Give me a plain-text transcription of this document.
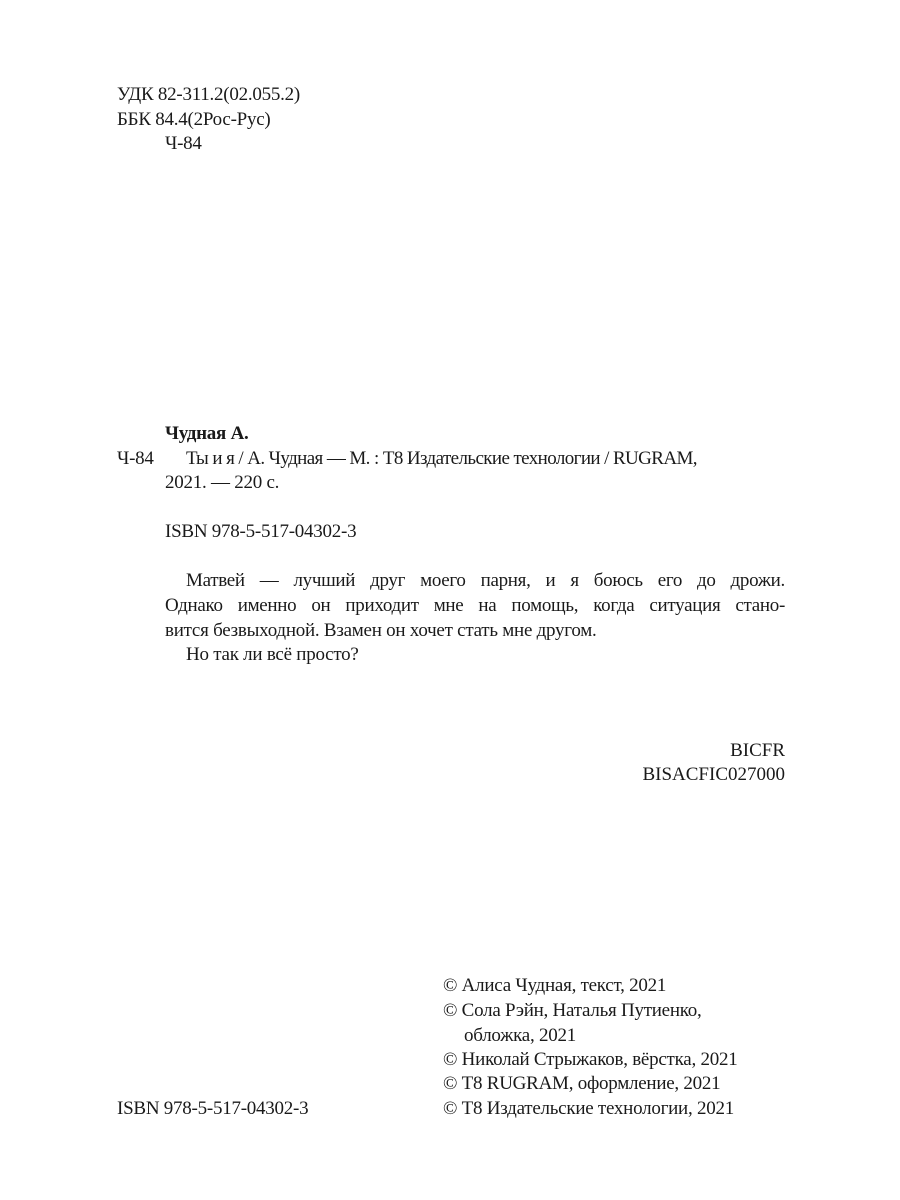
УДК 82-311.2(02.055.2)
ББК 84.4(2Рос-Рус)
Ч-84
Чудная А.
Ч-84 Ты и я / А. Чудная — М. : Т8 Издательские технологии / RUGRAM,
2021. — 220 с.
ISBN 978-5-517-04302-3
Матвей — лучший друг моего парня, и я боюсь его до дрожи.
Однако именно он приходит мне на помощь, когда ситуация стано-
вится безвыходной. Взамен он хочет стать мне другом.
Но так ли всё просто?
BICFR
BISACFIC027000
© Алиса Чудная, текст, 2021
© Сола Рэйн, Наталья Путиенко,
обложка, 2021
© Николай Стрыжаков, вёрстка, 2021
© Т8 RUGRAM, оформление, 2021
© Т8 Издательские технологии, 2021
ISBN 978-5-517-04302-3
